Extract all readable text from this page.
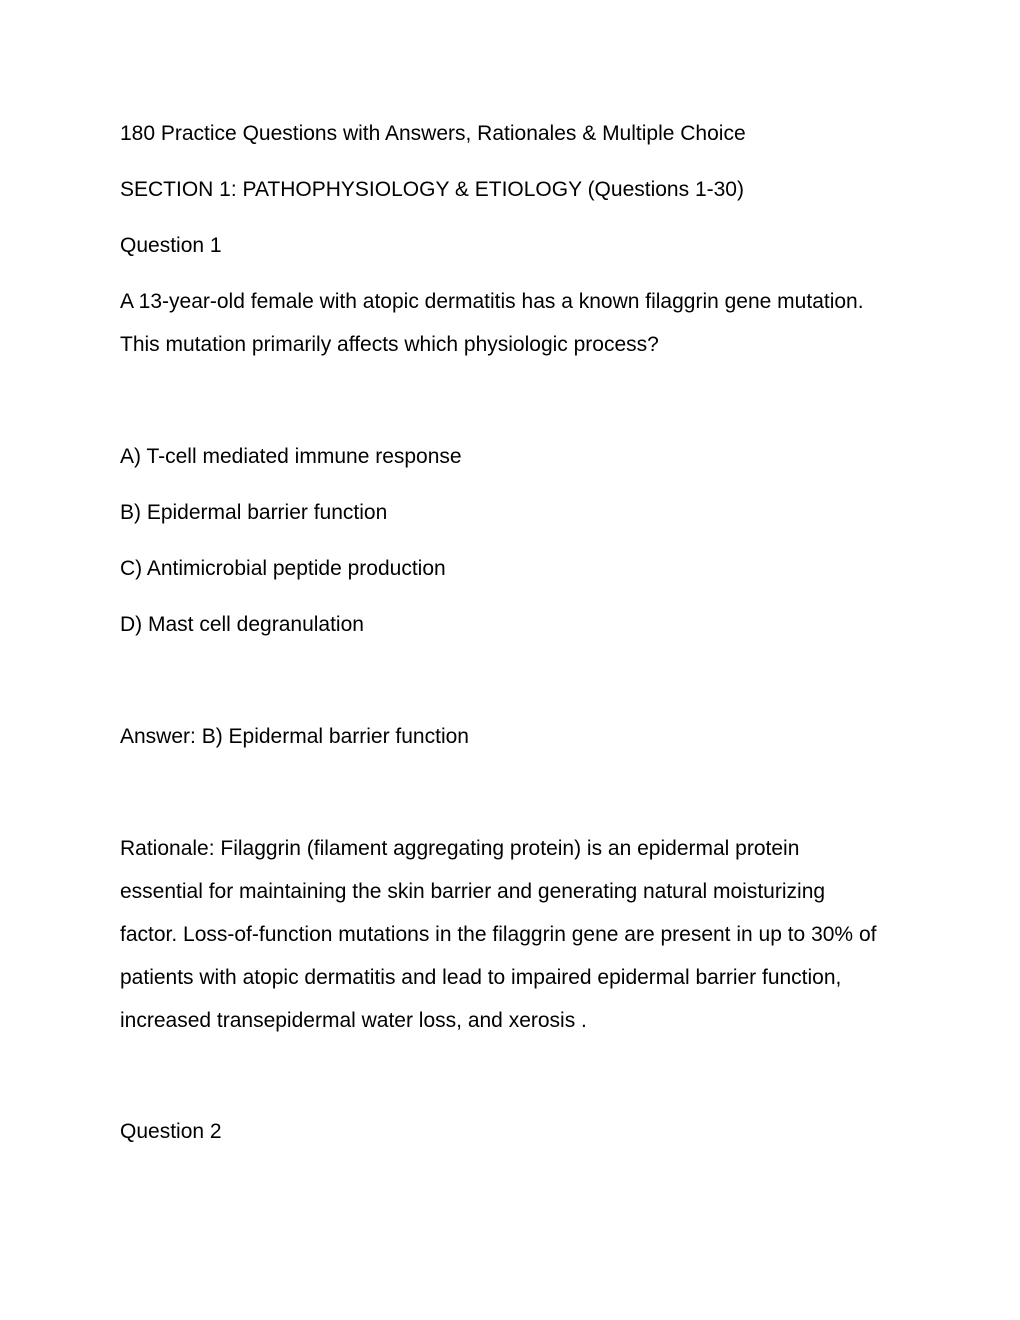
180 Practice Questions with Answers, Rationales & Multiple Choice
SECTION 1: PATHOPHYSIOLOGY & ETIOLOGY (Questions 1-30)
Question 1
A 13-year-old female with atopic dermatitis has a known filaggrin gene mutation.
This mutation primarily affects which physiologic process?
A) T-cell mediated immune response
B) Epidermal barrier function
C) Antimicrobial peptide production
D) Mast cell degranulation
Answer: B) Epidermal barrier function
Rationale: Filaggrin (filament aggregating protein) is an epidermal protein
essential for maintaining the skin barrier and generating natural moisturizing
factor. Loss-of-function mutations in the filaggrin gene are present in up to 30% of
patients with atopic dermatitis and lead to impaired epidermal barrier function,
increased transepidermal water loss, and xerosis .
Question 2
